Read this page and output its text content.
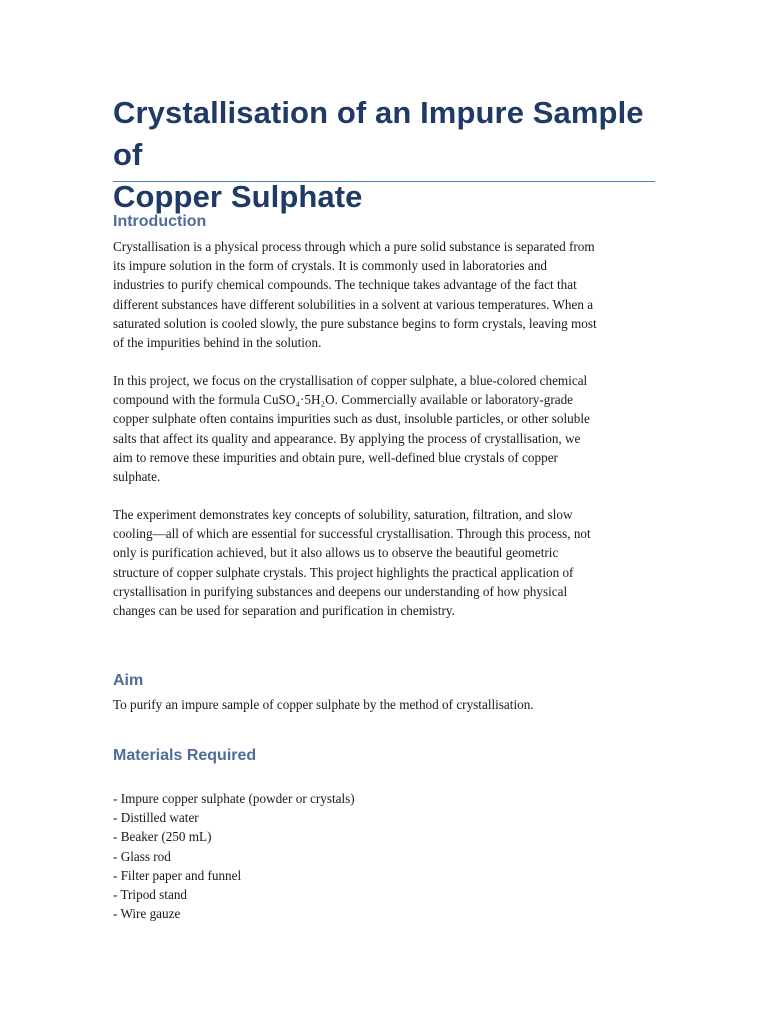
Crystallisation of an Impure Sample of
Copper Sulphate
Introduction
Crystallisation is a physical process through which a pure solid substance is separated from
its impure solution in the form of crystals. It is commonly used in laboratories and
industries to purify chemical compounds. The technique takes advantage of the fact that
different substances have different solubilities in a solvent at various temperatures. When a
saturated solution is cooled slowly, the pure substance begins to form crystals, leaving most
of the impurities behind in the solution.
In this project, we focus on the crystallisation of copper sulphate, a blue-colored chemical
compound with the formula CuSO₄·5H₂O. Commercially available or laboratory-grade
copper sulphate often contains impurities such as dust, insoluble particles, or other soluble
salts that affect its quality and appearance. By applying the process of crystallisation, we
aim to remove these impurities and obtain pure, well-defined blue crystals of copper
sulphate.
The experiment demonstrates key concepts of solubility, saturation, filtration, and slow
cooling—all of which are essential for successful crystallisation. Through this process, not
only is purification achieved, but it also allows us to observe the beautiful geometric
structure of copper sulphate crystals. This project highlights the practical application of
crystallisation in purifying substances and deepens our understanding of how physical
changes can be used for separation and purification in chemistry.
Aim
To purify an impure sample of copper sulphate by the method of crystallisation.
Materials Required
- Impure copper sulphate (powder or crystals)
- Distilled water
- Beaker (250 mL)
- Glass rod
- Filter paper and funnel
- Tripod stand
- Wire gauze
